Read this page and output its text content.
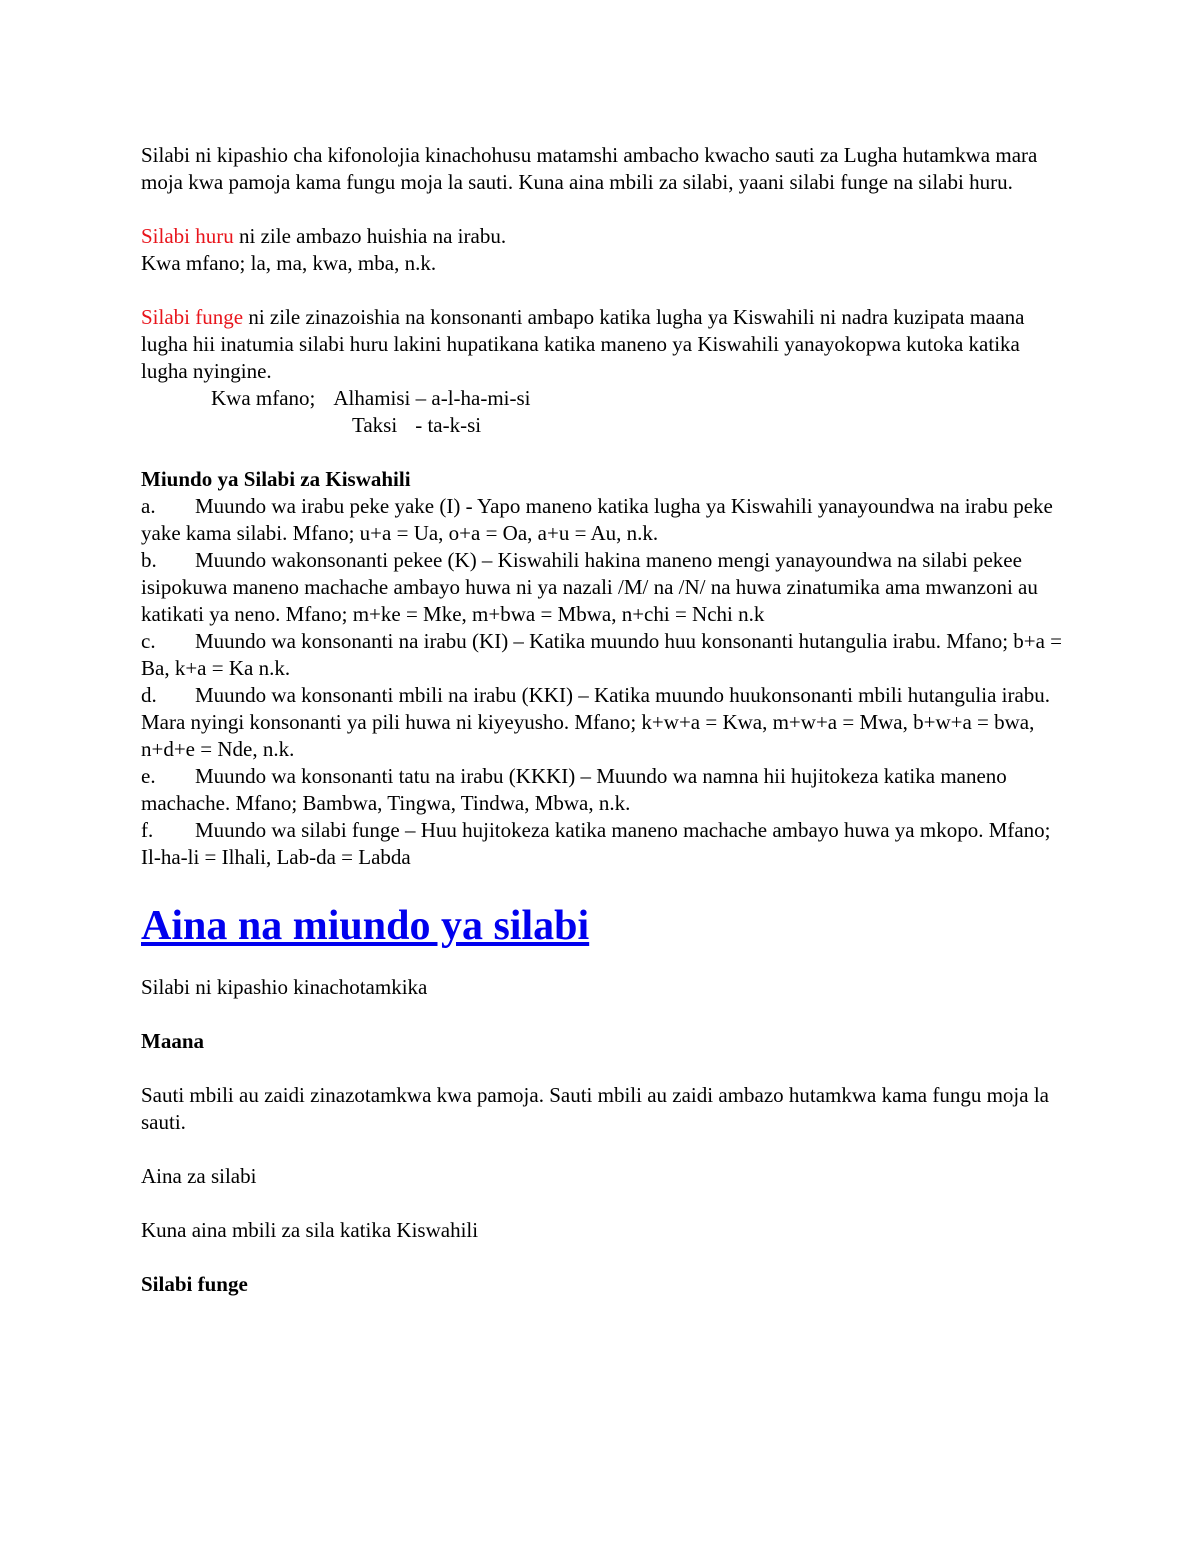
Silabi ni kipashio cha kifonolojia kinachohusu matamshi ambacho kwacho sauti za Lugha hutamkwa mara moja kwa pamoja kama fungu moja la sauti. Kuna aina mbili za silabi, yaani silabi funge na silabi huru.

Silabi huru ni zile ambazo huishia na irabu.

Kwa mfano; la, ma, kwa, mba, n.k.

Silabi funge ni zile zinazoishia na konsonanti ambapo katika lugha ya Kiswahili ni nadra kuzipata maana lugha hii inatumia silabi huru lakini hupatikana katika maneno ya Kiswahili yanayokopwa kutoka katika lugha nyingine.

Kwa mfano; Alhamisi – a-l-ha-mi-si

Taksi - ta-k-si

Miundo ya Silabi za Kiswahili

a. Muundo wa irabu peke yake (I) - Yapo maneno katika lugha ya Kiswahili yanayoundwa na irabu peke yake kama silabi. Mfano; u+a = Ua, o+a = Oa, a+u = Au, n.k.

b. Muundo wakonsonanti pekee (K) – Kiswahili hakina maneno mengi yanayoundwa na silabi pekee isipokuwa maneno machache ambayo huwa ni ya nazali /M/ na /N/ na huwa zinatumika ama mwanzoni au katikati ya neno. Mfano; m+ke = Mke, m+bwa = Mbwa, n+chi = Nchi n.k

c. Muundo wa konsonanti na irabu (KI) – Katika muundo huu konsonanti hutangulia irabu. Mfano; b+a = Ba, k+a = Ka n.k.

d. Muundo wa konsonanti mbili na irabu (KKI) – Katika muundo huukonsonanti mbili hutangulia irabu. Mara nyingi konsonanti ya pili huwa ni kiyeyusho. Mfano; k+w+a = Kwa, m+w+a = Mwa, b+w+a = bwa, n+d+e = Nde, n.k.

e. Muundo wa konsonanti tatu na irabu (KKKI) – Muundo wa namna hii hujitokeza katika maneno machache. Mfano; Bambwa, Tingwa, Tindwa, Mbwa, n.k.

f. Muundo wa silabi funge – Huu hujitokeza katika maneno machache ambayo huwa ya mkopo. Mfano; Il-ha-li = Ilhali, Lab-da = Labda

Aina na miundo ya silabi

Silabi ni kipashio kinachotamkika

Maana

Sauti mbili au zaidi zinazotamkwa kwa pamoja. Sauti mbili au zaidi ambazo hutamkwa kama fungu moja la sauti.

Aina za silabi

Kuna aina mbili za sila katika Kiswahili

Silabi funge
